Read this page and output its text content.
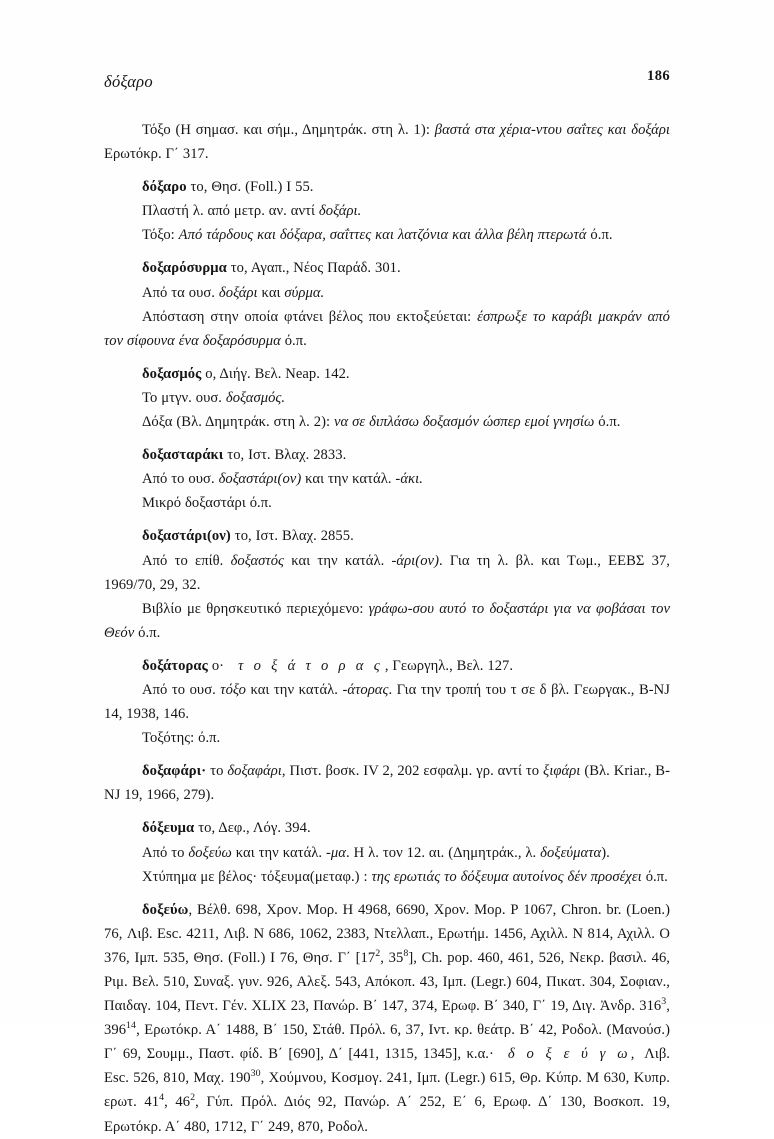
δόξαρο	186

Τόξο (Η σημασ. και σήμ., Δημητράκ. στη λ. 1): βαστά στα χέρια-ντου σαΐτες και δοξάρι Ερωτόκρ. Γ΄ 317.

δόξαρο το, Θησ. (Foll.) I 55.

Πλαστή λ. από μετρ. αν. αντί δοξάρι.

Τόξο: Από τάρδους και δόξαρα, σαΐττες και λατζόνια και άλλα βέλη πτερωτά ό.π.

δοξαρόσυρμα το, Αγαπ., Νέος Παράδ. 301.

Από τα ουσ. δοξάρι και σύρμα.

Απόσταση στην οποία φτάνει βέλος που εκτοξεύεται: έσπρωξε το καράβι μακράν από τον σίφουνα ένα δοξαρόσυρμα ό.π.

δοξασμός ο, Διήγ. Βελ. Neap. 142.

Το μτγν. ουσ. δοξασμός.

Δόξα (Βλ. Δημητράκ. στη λ. 2): να σε διπλάσω δοξασμόν ώσπερ εμοί γνησίω ό.π.

δοξασταράκι το, Ιστ. Βλαχ. 2833.

Από το ουσ. δοξαστάρι(ον) και την κατάλ. -άκι.

Μικρό δοξαστάρι ό.π.

δοξαστάρι(ον) το, Ιστ. Βλαχ. 2855.

Από το επίθ. δοξαστός και την κατάλ. -άρι(ον). Για τη λ. βλ. και Τωμ., ΕΕΒΣ 37, 1969/70, 29, 32.

Βιβλίο με θρησκευτικό περιεχόμενο: γράφω-σου αυτό το δοξαστάρι για να φοβάσαι τον Θεόν ό.π.

δοξάτορας ο· τ ο ξ ά τ ο ρ α ς , Γεωργηλ., Βελ. 127.

Από το ουσ. τόξο και την κατάλ. -άτορας. Για την τροπή του τ σε δ βλ. Γεωργακ., B-NJ 14, 1938, 146.

Τοξότης: ό.π.

δοξαφάρι· το δοξαφάρι, Πιστ. βοσκ. IV 2, 202 εσφαλμ. γρ. αντί το ξιφάρι (Βλ. Kriar., B-NJ 19, 1966, 279).

δόξευμα το, Δεφ., Λόγ. 394.

Από το δοξεύω και την κατάλ. -μα. Η λ. τον 12. αι. (Δημητράκ., λ. δοξεύματα).

Χτύπημα με βέλος· τόξευμα(μεταφ.) : της ερωτιάς το δόξευμα αυτοίνος δέν προσέχει ό.π.

δοξεύω, Βέλθ. 698, Χρον. Μορ. Η 4968, 6690, Χρον. Μορ. Ρ 1067, Chron. br. (Loen.) 76, Λιβ. Esc. 4211, Λιβ. Ν 686, 1062, 2383, Ντελλαπ., Ερωτήμ. 1456, Αχιλλ. Ν 814, Αχιλλ. Ο 376, Ιμπ. 535, Θησ. (Foll.) I 76, Θησ. Γ΄ [$17^2$, $35^8$], Ch. pop. 460, 461, 526, Νεκρ. βασιλ. 46, Ριμ. Βελ. 510, Συναξ. γυν. 926, Αλεξ. 543, Απόκοπ. 43, Ιμπ. (Legr.) 604, Πικατ. 304, Σοφιαν., Παιδαγ. 104, Πεντ. Γέν. XLIX 23, Πανώρ. Β΄ 147, 374, Ερωφ. Β΄ 340, Γ΄ 19, Διγ. Ἀνδρ. $316^3$, $396^{14}$, Ερωτόκρ. Α΄ 1488, Β΄ 150, Στάθ. Πρόλ. 6, 37, Ιντ. κρ. θεάτρ. Β΄ 42, Ροδολ. (Μανούσ.) Γ΄ 69, Σουμμ., Παστ. φίδ. Β΄ [690], Δ΄ [441, 1315, 1345], κ.α.· δ ο ξ ε ύ γ ω, Λιβ. Esc. 526, 810, Μαχ. $190^{30}$, Χούμνου, Κοσμογ. 241, Ιμπ. (Legr.) 615, Θρ. Κύπρ. Μ 630, Κυπρ. ερωτ. $41^4$, $46^2$, Γύπ. Πρόλ. Διός 92, Πανώρ. Α΄ 252, Ε΄ 6, Ερωφ. Δ΄ 130, Βοσκοπ. 19, Ερωτόκρ. Α΄ 480, 1712, Γ΄ 249, 870, Ροδολ.
